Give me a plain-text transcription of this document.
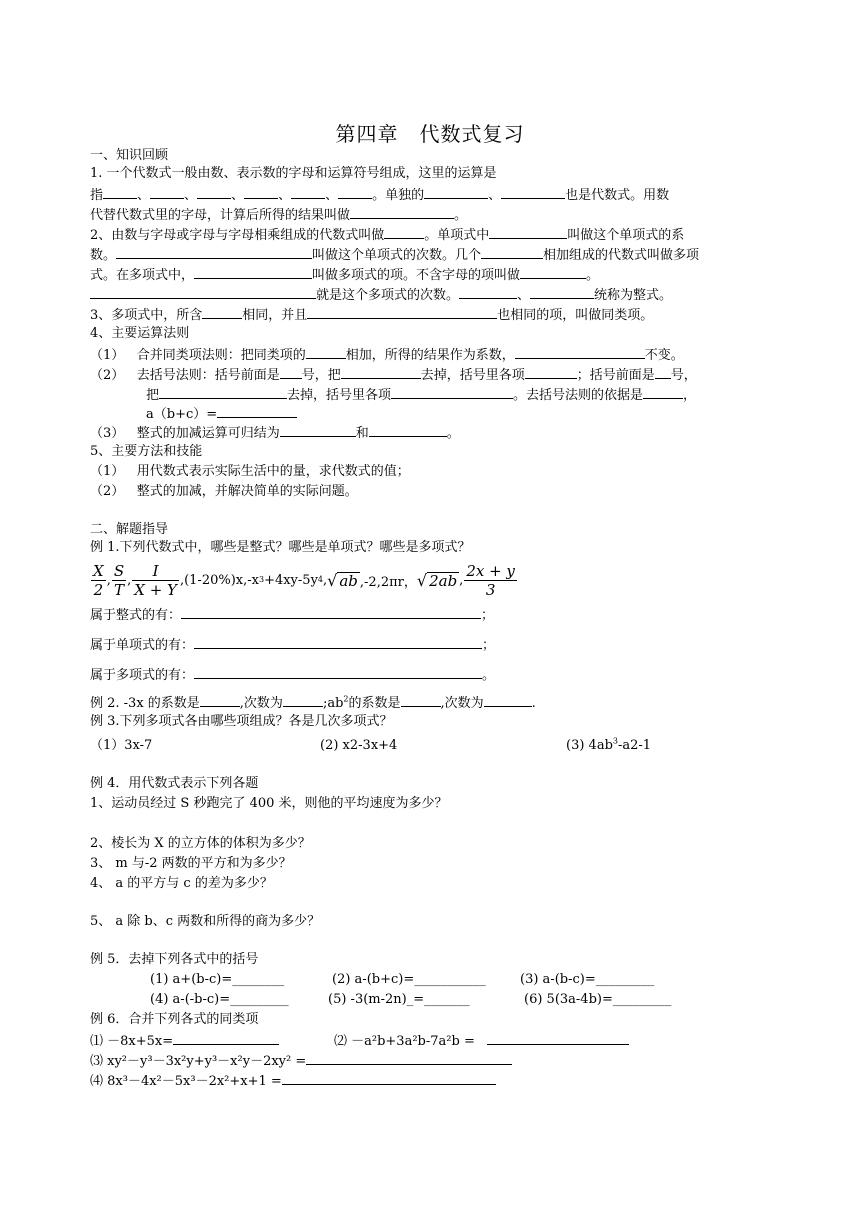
第四章　代数式复习
一、知识回顾
1. 一个代数式一般由数、表示数的字母和运算符号组成，这里的运算是
指	、	、	、	、	、	。单独的	、	也是代数式。用数
代替代数式里的字母，计算后所得的结果叫做	。
2、由数与字母或字母与字母相乘组成的代数式叫做	。单项式中	叫做这个单项式的系
数。	叫做这个单项式的次数。几个	相加组成的代数式叫做多项
式。在多项式中，	叫做多项式的项。不含字母的项叫做	。
就是这个多项式的次数。	、	统称为整式。
3、多项式中，所含	相同，并且	也相同的项，叫做同类项。
4、主要运算法则
（1） 合并同类项法则：把同类项的	相加，所得的结果作为系数，	不变。
（2） 去括号法则：括号前面是 号，把	去掉，括号里各项	；括号前面是 号，
把	去掉，括号里各项	。去括号法则的依据是	，
a（b+c）=
（3） 整式的加减运算可归结为	和	。
5、主要方法和技能
（1） 用代数式表示实际生活中的量，求代数式的值；
（2） 整式的加减，并解决简单的实际问题。
二、解题指导
例 1.下列代数式中，哪些是整式？哪些是单项式？哪些是多项式？
$\frac{X}{2}$ , $\frac{S}{T}$ , $\frac{I}{X + Y}$ , (1-20%)x,-x 3 +4xy-5y 4 , √ ab ,-2,2πr， √ 2ab , $\frac{2x + y}{3}$
属于整式的有：	；
属于单项式的有：	；
属于多项式的有：	。
例 2. -3x 的系数是	,次数为	$;ab^2$的系数是	,次数为	.
例 3.下列多项式各由哪些项组成？各是几次多项式？
（1）3x-7	(2) x2-3x+4	(3) $4ab^3-a2-1$
例 4．用代数式表示下列各题
1、运动员经过 S 秒跑完了 400 米，则他的平均速度为多少？
2、棱长为 X 的立方体的体积为多少？
3、 m 与-2 两数的平方和为多少？
4、 a 的平方与 c 的差为多少？
5、 a 除 b、c 两数和所得的商为多少？
例 5．去掉下列各式中的括号
(1) a+(b-c)=________	(2) a-(b+c)=___________	(3) a-(b-c)=_________
(4) a-(-b-c)=_________	(5) -3(m-2n)_=_______	(6) 5(3a-4b)=_________
例 6．合并下列各式的同类项
⑴ －8x+5x=	⑵ －a²b+3a²b-7a²b =
⑶ xy²－y³－3x²y+y³－x²y－2xy² =
⑷ 8x³－4x²－5x³－2x²+x+1 =
